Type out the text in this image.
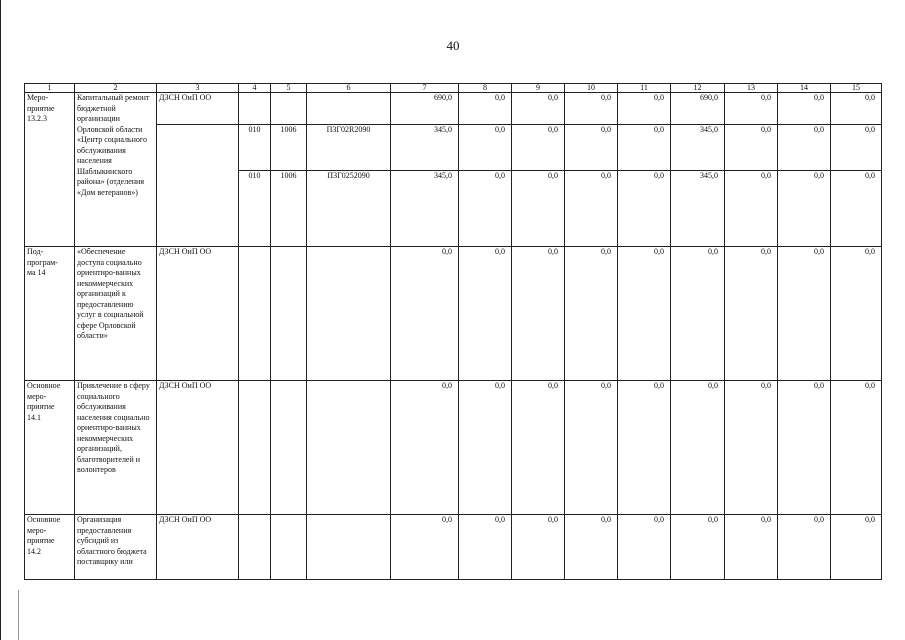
40
1	2	3	4	5	6	7	8	9	10	11	12	13	14	15
Меро-
приятие
13.2.3	Капитальный ремонт бюджетной организации Орловской области «Центр социального обслуживания населения Шаблыкинского района» (отделения «Дом ветеранов»)	ДЗСН ОиП ОО				690,0	0,0	0,0	0,0	0,0	690,0	0,0	0,0	0,0
			010	1006	П3Г02R2090	345,0	0,0	0,0	0,0	0,0	345,0	0,0	0,0	0,0
			010	1006	П3Г0252090	345,0	0,0	0,0	0,0	0,0	345,0	0,0	0,0	0,0
Под-
програм-
ма 14	«Обеспечение доступа социально ориентиро-ванных некоммерческих организаций к предоставлению услуг в социальной сфере Орловской области»	ДЗСН ОиП ОО				0,0	0,0	0,0	0,0	0,0	0,0	0,0	0,0	0,0
Основное
меро-
приятие
14.1	Привлечение в сферу социального обслуживания населения социально ориентиро-ванных некоммерческих организаций, благотворителей и волонтеров	ДЗСН ОиП ОО				0,0	0,0	0,0	0,0	0,0	0,0	0,0	0,0	0,0
Основное
меро-
приятие
14.2	Организация предоставления субсидий из областного бюджета поставщику или	ДЗСН ОиП ОО				0,0	0,0	0,0	0,0	0,0	0,0	0,0	0,0	0,0
